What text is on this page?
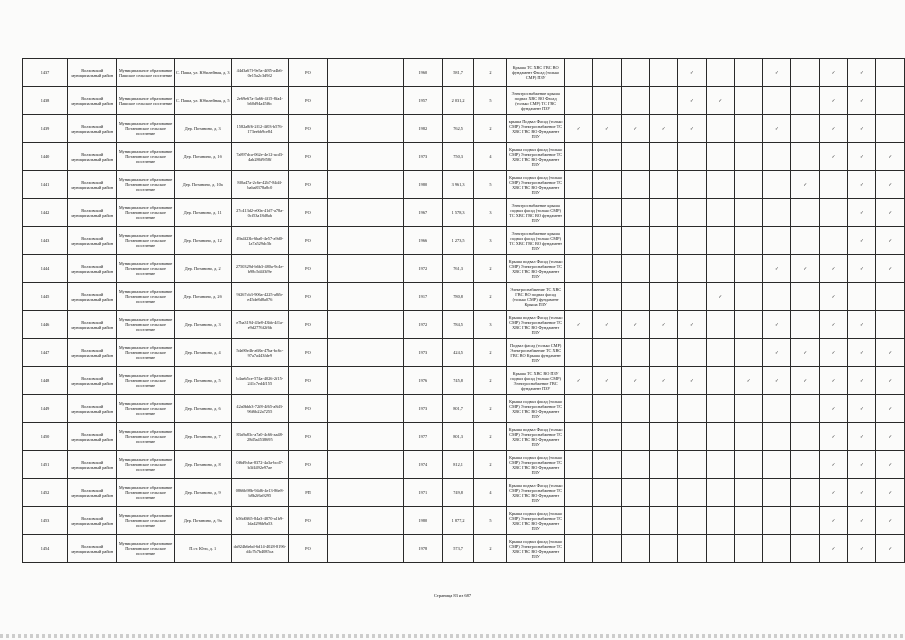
1437	Волховский муниципальный район	Муниципальное образование Пашское сельское поселение	С. Паша, ул. Юбилейная, д. 3	44d3a67f-9e5a-4f85-a4b6-0e15a2c3d9f2	РО		1960	581,7	2	Крыша ТС ХВС ГВС ВО фундамент Фасад (только СМР) ПЗУ					✓			✓		✓	✓	
1438	Волховский муниципальный район	Муниципальное образование Пашское сельское поселение	С. Паша, ул. Юбилейная, д. 5	2e69e67a-3a66-4f15-8fa4-b60d94a45f6c	РО		1957	2 031,2	5	Электроснабжение крыша подвал ХВС ВО Фасад (только СМР) ТС ГВС фундамент ПЗУ					✓	✓				✓	✓	
1439	Волховский муниципальный район	Муниципальное образование Потанинское сельское поселение	Дер. Потанино, д. 3	1582a8f6-2f12-4f03-b576-173eebb9ce84	РО		1982	762,5	2	крыша Подвал Фасад (только СМР) Электроснабжение ТС ХВС ГВС ВО Фундамент ПЗУ	✓	✓	✓	✓	✓			✓		✓	✓	
1440	Волховский муниципальный район	Муниципальное образование Потанинское сельское поселение	Дер. Потанино, д. 1б	7a897dca-062e-4e12-acd3-4ab286f9f58f	РО		1973	750,3	4	Крыша подвал фасад (только СМР) Электроснабжение ТС ХВС ГВС ВО Фундамент ПЗУ										✓	✓	✓
1441	Волховский муниципальный район	Муниципальное образование Потанинское сельское поселение	Дер. Потанино, д. 10а	8f0a47a-2c6e-42b7-84d4-baba8378a8c0	РО		1980	3 961,3	5	Крыша подвал фасад (только СМР) Электроснабжение ТС ХВС ГВС ВО Фундамент ПЗУ									✓		✓	✓
1442	Волховский муниципальный район	Муниципальное образование Потанинское сельское поселение	Дер. Потанино, д. 11	27c413d2-e00a-41d7-a78a-0cf53a18d8ab	РО		1967	1 578,3	3	Электроснабжение крыша подвал фасад (только СМР) ТС ХВС ГВС ВО фундамент ПЗУ											✓	✓
1443	Волховский муниципальный район	Муниципальное образование Потанинское сельское поселение	Дер. Потанино, д. 12	49a4f23b-6ba0-4e57-a9d0-1a7a529dc5b	РО		1966	1 273,5	3	Электроснабжение крыша подвал фасад (только СМР) ТС ХВС ГВС ВО фундамент ПЗУ											✓	✓
1444	Волховский муниципальный район	Муниципальное образование Потанинское сельское поселение	Дер. Потанино, д. 2	2750329d-b6b3-480a-9c4e-b98c5d4f3f9e	РО		1972	761,3	2	Крыша подвал Фасад (только СМР) Электроснабжение ТС ХВС ГВС ВО Фундамент ПЗУ								✓	✓	✓	✓	✓
1445	Волховский муниципальный район	Муниципальное образование Потанинское сельское поселение	Дер. Потанино, д. 2б	9f267cb3-906a-4225-a8fb-e45de8d8a076	РО		1917	780,8	2	Электроснабжение ТС ХВС ГВС ВО подвал фасад (только СМР) фундамент Крыша ПЗУ						✓				✓		
1446	Волховский муниципальный район	Муниципальное образование Потанинское сельское поселение	Дер. Потанино, д. 3	e7ba3194-43e8-43bb-4f1a-e9d2776f2f6b	РО		1972	784,5	3	Крыша подвал Фасад (только СМР) Электроснабжение ТС ХВС ГВС ВО Фундамент ПЗУ	✓	✓	✓	✓	✓			✓		✓	✓	
1447	Волховский муниципальный район	Муниципальное образование Потанинское сельское поселение	Дер. Потанино, д. 4	5da90e4b-a68a-47ba-bc6c-97a7a443fde9	РО		1973	424,5	2	Подвал фасад (только СМР) Электроснабжение ТС ХВС ГВС ВО Крыша фундамент ПЗУ								✓	✓	✓	✓	✓
1448	Волховский муниципальный район	Муниципальное образование Потанинское сельское поселение	Дер. Потанино, д. 5	b4aeb5ce-574a-4026-2f15-241c7ed4f155	РО		1976	745,8	2	Крыша ТС ХВС ВО ПЗУ подвал фасад (только СМР) Электроснабжение ГВС фундамент ПЗУ	✓	✓	✓	✓	✓		✓	✓	✓	✓	✓	✓
1449	Волховский муниципальный район	Муниципальное образование Потанинское сельское поселение	Дер. Потанино, д. 6	42a0bbb3-72f8-4f65-a8d3-96f6b22a7255	РО		1973	801,7	2	Крыша подвал фасад (только СМР) Электроснабжение ТС ХВС ГВС ВО Фундамент ПЗУ										✓	✓	✓
1450	Волховский муниципальный район	Муниципальное образование Потанинское сельское поселение	Дер. Потанино, д. 7	83a9a83c-a7a0-4c66-aa48-28d5a4538695	РО		1977	801,3	2	Крыша подвал Фасад (только СМР) Электроснабжение ТС ХВС ГВС ВО Фундамент ПЗУ										✓	✓	✓
1451	Волховский муниципальный район	Муниципальное образование Потанинское сельское поселение	Дер. Потанино, д. 8	0f6d9cba-8372-4a3a-bcd7-b3f4492e97ae	РО		1974	812,1	2	Крыша подвал фасад (только СМР) Электроснабжение ТС ХВС ГВС ВО Фундамент ПЗУ										✓	✓	✓
1452	Волховский муниципальный район	Муниципальное образование Потанинское сельское поселение	Дер. Потанино, д. 9	0866b98b-94d6-4e13-86e8-b8b2f6a9295	РП		1971	749,8	4	Крыша подвал Фасад (только СМР) Электроснабжение ТС ХВС ГВС ВО Фундамент ПЗУ										✓	✓	✓
1453	Волховский муниципальный район	Муниципальное образование Потанинское сельское поселение	Дер. Потанино, д. 9а	b56d0f65-84a3-4870-a1b9-1da4296b9a53	РО		1980	1 877,2	5	Крыша подвал фасад (только СМР) Электроснабжение ТС ХВС ГВС ВО Фундамент ПЗУ										✓	✓	✓
1454	Волховский муниципальный район	Муниципальное образование Потанинское сельское поселение	П.ст. Юги, д. 1	da924b6ebd-6d14-4028-8196-d4c7b7b4085ca	РО		1978	573,7	2	Крыша подвал фасад (только СМР) Электроснабжение ТС ХВС ГВС ВО Фундамент ПЗУ										✓	✓	✓
Страница 83 из 687
